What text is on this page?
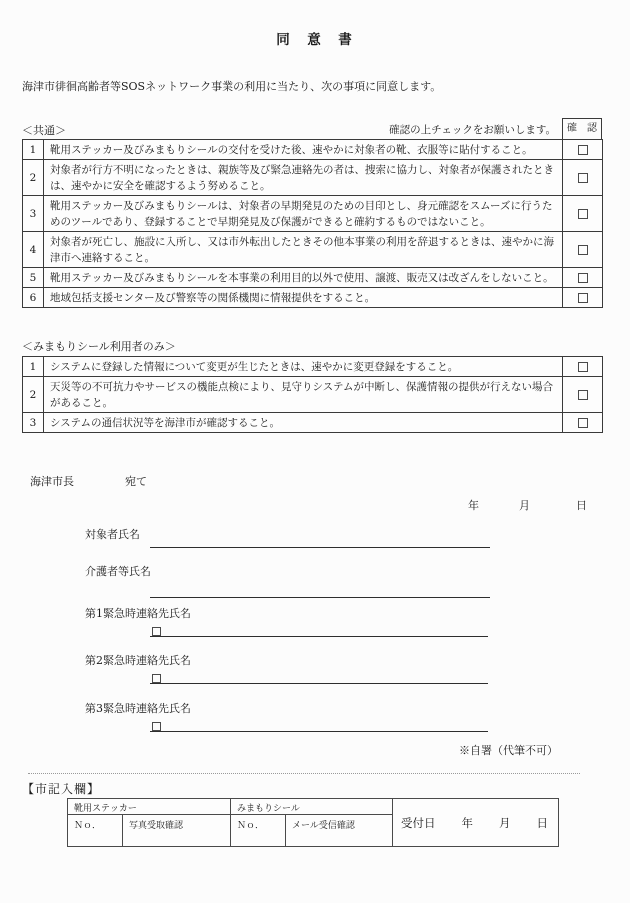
同　意　書
海津市徘徊高齢者等SOSネットワーク事業の利用に当たり、次の事項に同意します。
＜共通＞	確認の上チェックをお願いします。	確　認
1	靴用ステッカー及びみまもりシールの交付を受けた後、速やかに対象者の靴、衣服等に貼付すること。	
2	対象者が行方不明になったときは、親族等及び緊急連絡先の者は、捜索に協力し、対象者が保護されたときは、速やかに安全を確認するよう努めること。	
3	靴用ステッカー及びみまもりシールは、対象者の早期発見のための目印とし、身元確認をスムーズに行うためのツールであり、登録することで早期発見及び保護ができると確約するものではないこと。	
4	対象者が死亡し、施設に入所し、又は市外転出したときその他本事業の利用を辞退するときは、速やかに海津市へ連絡すること。	
5	靴用ステッカー及びみまもりシールを本事業の利用目的以外で使用、譲渡、販売又は改ざんをしないこと。	
6	地域包括支援センター及び警察等の関係機関に情報提供をすること。	
＜みまもりシール利用者のみ＞
1	システムに登録した情報について変更が生じたときは、速やかに変更登録をすること。	
2	天災等の不可抗力やサービスの機能点検により、見守りシステムが中断し、保護情報の提供が行えない場合があること。	
3	システムの通信状況等を海津市が確認すること。	
海津市長	宛て
年	月	日
対象者氏名
介護者等氏名
第1緊急時連絡先氏名
第2緊急時連絡先氏名
第3緊急時連絡先氏名
※自署（代筆不可）
【市記入欄】
靴用ステッカー		みまもりシール		受付日 年 月 日

Ｎｏ．	写真受取確認	Ｎｏ．	メール受信確認	
